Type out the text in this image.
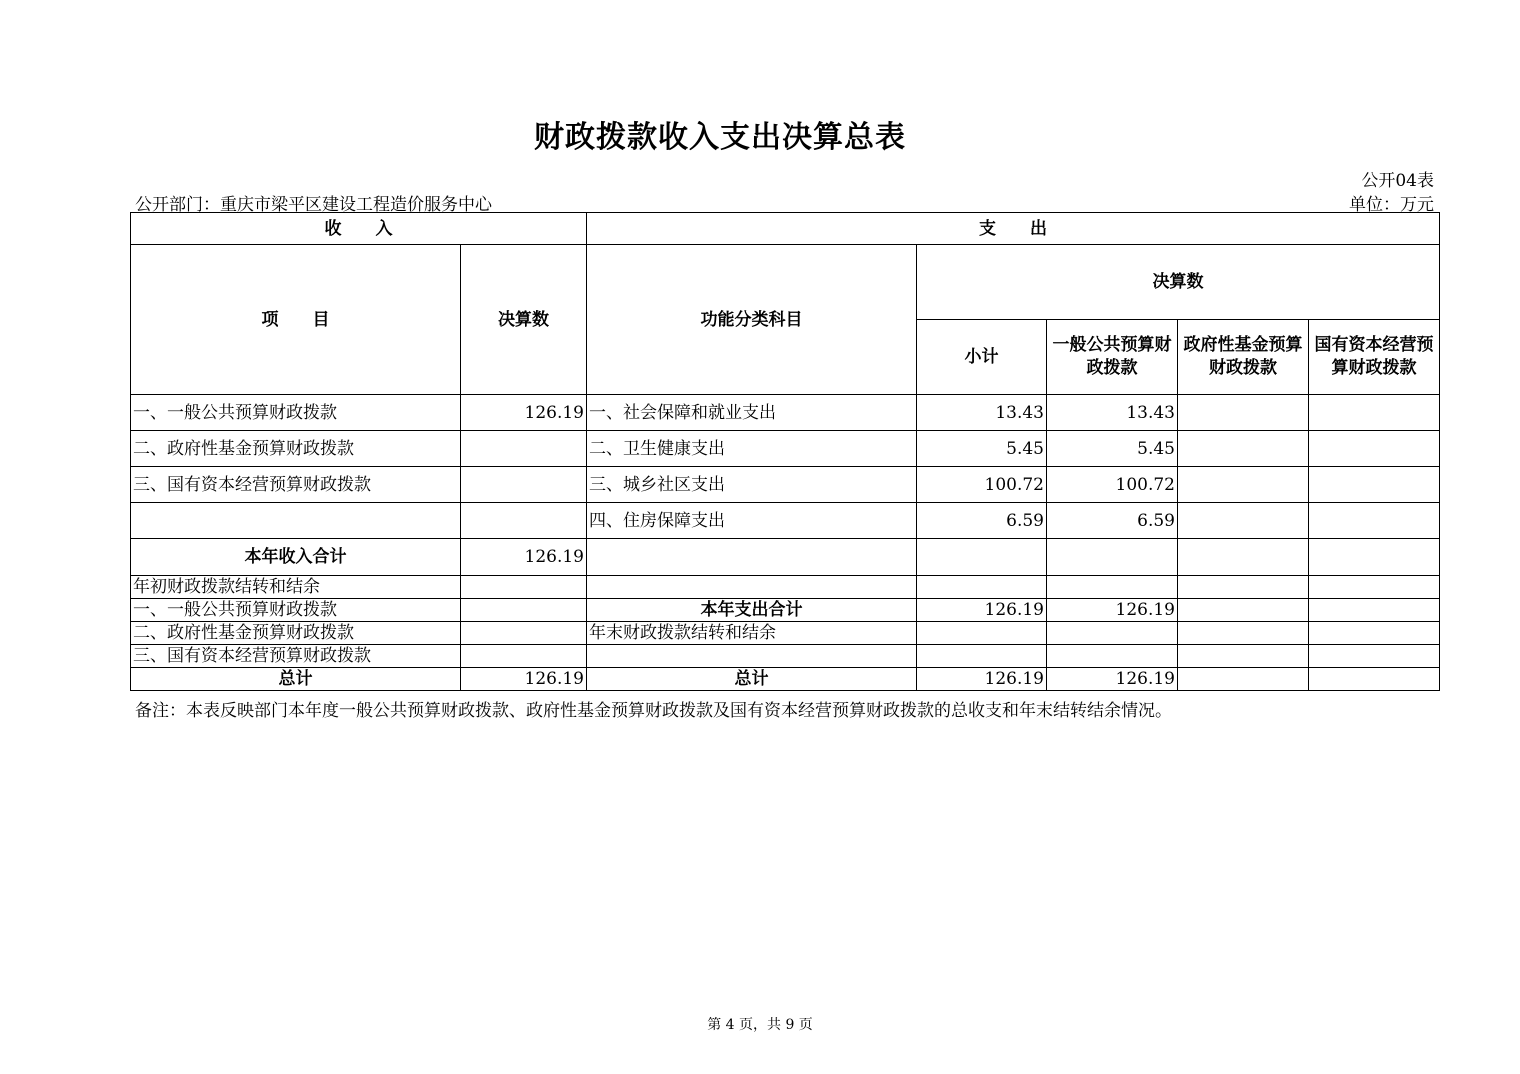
财政拨款收入支出决算总表
公开04表
公开部门：重庆市梁平区建设工程造价服务中心	单位：万元
收　　入		支　　出				
项　　目	决算数	功能分类科目	决算数			
			小计	一般公共预算财政拨款	政府性基金预算财政拨款	国有资本经营预算财政拨款
一、一般公共预算财政拨款	126.19	一、社会保障和就业支出	13.43	13.43		
二、政府性基金预算财政拨款		二、卫生健康支出	5.45	5.45		
三、国有资本经营预算财政拨款		三、城乡社区支出	100.72	100.72		
		四、住房保障支出	6.59	6.59		
本年收入合计	126.19					
年初财政拨款结转和结余						
一、一般公共预算财政拨款		本年支出合计	126.19	126.19		
二、政府性基金预算财政拨款		年末财政拨款结转和结余				
三、国有资本经营预算财政拨款						
总计	126.19	总计	126.19	126.19		
备注：本表反映部门本年度一般公共预算财政拨款、政府性基金预算财政拨款及国有资本经营预算财政拨款的总收支和年末结转结余情况。
第 4 页，共 9 页
